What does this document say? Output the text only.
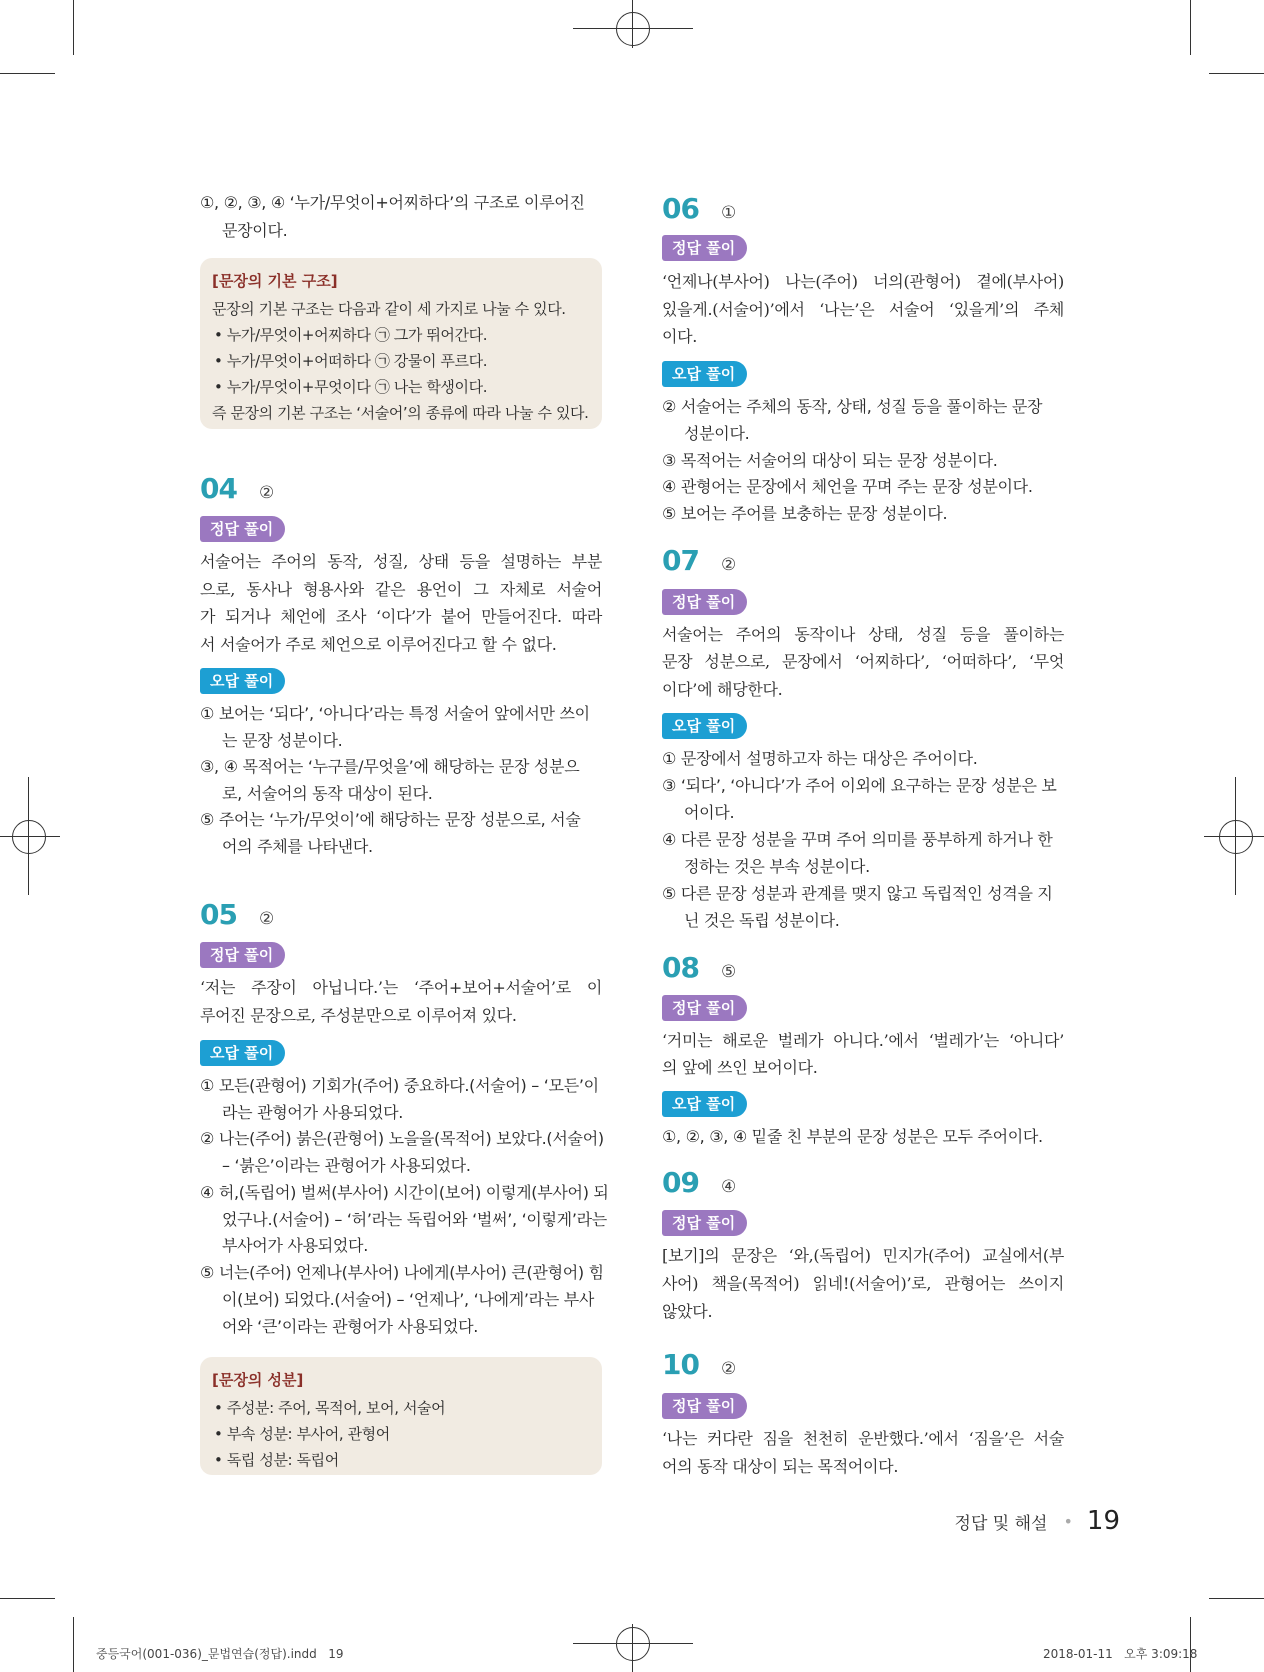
①, ②, ③, ④ ‘누가/무엇이+어찌하다’의 구조로 이루어진
문장이다.
[문장의 기본 구조]
문장의 기본 구조는 다음과 같이 세 가지로 나눌 수 있다.
• 누가/무엇이+어찌하다 ㉠ 그가 뛰어간다.
• 누가/무엇이+어떠하다 ㉠ 강물이 푸르다.
• 누가/무엇이+무엇이다 ㉠ 나는 학생이다.
즉 문장의 기본 구조는 ‘서술어’의 종류에 따라 나눌 수 있다.
04 ②
정답 풀이
서술어는 주어의 동작, 성질, 상태 등을 설명하는 부분
으로, 동사나 형용사와 같은 용언이 그 자체로 서술어
가 되거나 체언에 조사 ‘이다’가 붙어 만들어진다. 따라
서 서술어가 주로 체언으로 이루어진다고 할 수 없다.
오답 풀이
① 보어는 ‘되다’, ‘아니다’라는 특정 서술어 앞에서만 쓰이
는 문장 성분이다.
③, ④ 목적어는 ‘누구를/무엇을’에 해당하는 문장 성분으
로, 서술어의 동작 대상이 된다.
⑤ 주어는 ‘누가/무엇이’에 해당하는 문장 성분으로, 서술
어의 주체를 나타낸다.
05 ②
정답 풀이
‘저는 주장이 아닙니다.’는 ‘주어+보어+서술어’로 이
루어진 문장으로, 주성분만으로 이루어져 있다.
오답 풀이
① 모든(관형어) 기회가(주어) 중요하다.(서술어) – ‘모든’이
라는 관형어가 사용되었다.
② 나는(주어) 붉은(관형어) 노을을(목적어) 보았다.(서술어)
– ‘붉은’이라는 관형어가 사용되었다.
④ 허,(독립어) 벌써(부사어) 시간이(보어) 이렇게(부사어) 되
었구나.(서술어) – ‘허’라는 독립어와 ‘벌써’, ‘이렇게’라는
부사어가 사용되었다.
⑤ 너는(주어) 언제나(부사어) 나에게(부사어) 큰(관형어) 힘
이(보어) 되었다.(서술어) – ‘언제나’, ‘나에게’라는 부사
어와 ‘큰’이라는 관형어가 사용되었다.
[문장의 성분]
• 주성분: 주어, 목적어, 보어, 서술어
• 부속 성분: 부사어, 관형어
• 독립 성분: 독립어
06 ①
정답 풀이
‘언제나(부사어) 나는(주어) 너의(관형어) 곁에(부사어)
있을게.(서술어)’에서 ‘나는’은 서술어 ‘있을게’의 주체
이다.
오답 풀이
② 서술어는 주체의 동작, 상태, 성질 등을 풀이하는 문장
성분이다.
③ 목적어는 서술어의 대상이 되는 문장 성분이다.
④ 관형어는 문장에서 체언을 꾸며 주는 문장 성분이다.
⑤ 보어는 주어를 보충하는 문장 성분이다.
07 ②
정답 풀이
서술어는 주어의 동작이나 상태, 성질 등을 풀이하는
문장 성분으로, 문장에서 ‘어찌하다’, ‘어떠하다’, ‘무엇
이다’에 해당한다.
오답 풀이
① 문장에서 설명하고자 하는 대상은 주어이다.
③ ‘되다’, ‘아니다’가 주어 이외에 요구하는 문장 성분은 보
어이다.
④ 다른 문장 성분을 꾸며 주어 의미를 풍부하게 하거나 한
정하는 것은 부속 성분이다.
⑤ 다른 문장 성분과 관계를 맺지 않고 독립적인 성격을 지
닌 것은 독립 성분이다.
08 ⑤
정답 풀이
‘거미는 해로운 벌레가 아니다.’에서 ‘벌레가’는 ‘아니다’
의 앞에 쓰인 보어이다.
오답 풀이
①, ②, ③, ④ 밑줄 친 부분의 문장 성분은 모두 주어이다.
09 ④
정답 풀이
[보기]의 문장은 ‘와,(독립어) 민지가(주어) 교실에서(부
사어) 책을(목적어) 읽네!(서술어)’로, 관형어는 쓰이지
않았다.
10 ②
정답 풀이
‘나는 커다란 짐을 천천히 운반했다.’에서 ‘짐을’은 서술
어의 동작 대상이 되는 목적어이다.
정답 및 해설 • 19
중등국어(001-036)_문법연습(정답).indd   19	2018-01-11   오후 3:09:18
